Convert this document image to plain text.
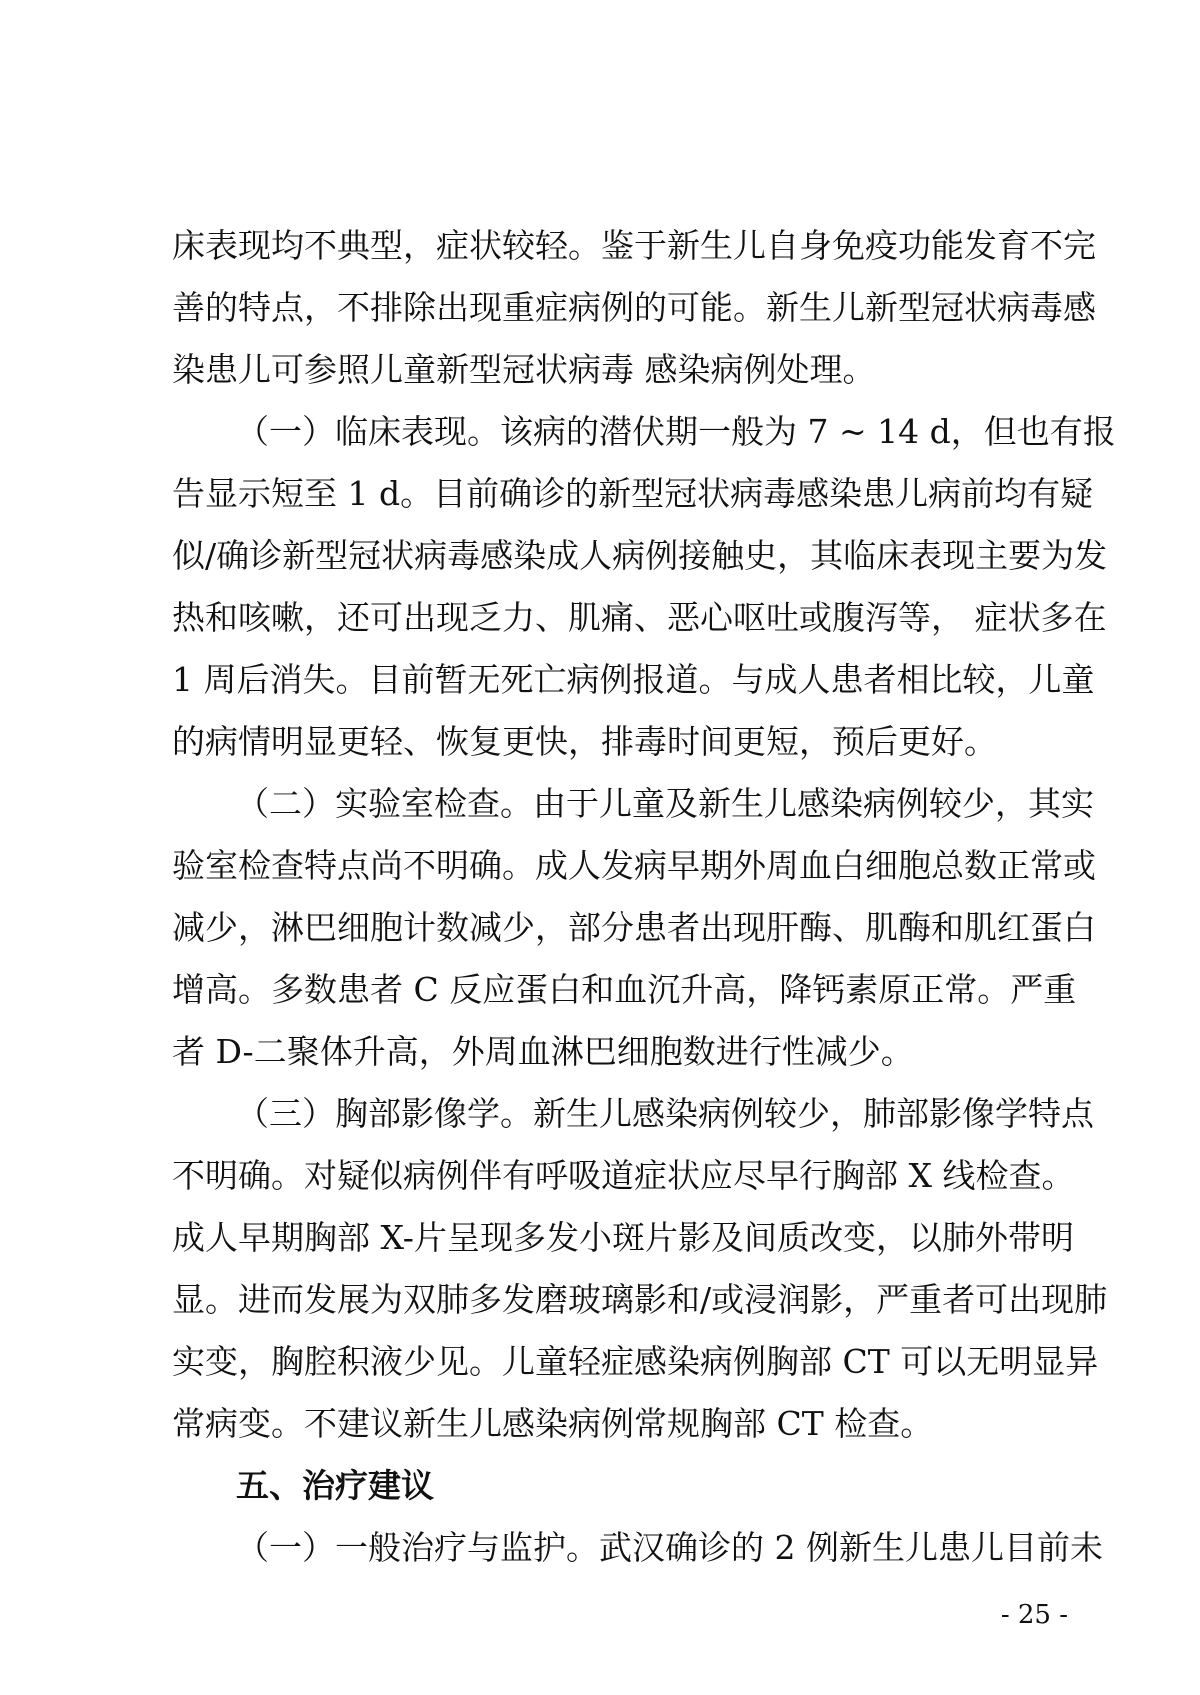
床表现均不典型，症状较轻。鉴于新生儿自身免疫功能发育不完
善的特点，不排除出现重症病例的可能。新生儿新型冠状病毒感
染患儿可参照儿童新型冠状病毒 感染病例处理。
（一）临床表现。该病的潜伏期一般为 7 ~ 14 d，但也有报
告显示短至 1 d。目前确诊的新型冠状病毒感染患儿病前均有疑
似/确诊新型冠状病毒感染成人病例接触史，其临床表现主要为发
热和咳嗽，还可出现乏力、肌痛、恶心呕吐或腹泻等， 症状多在
1 周后消失。目前暂无死亡病例报道。与成人患者相比较，儿童
的病情明显更轻、恢复更快，排毒时间更短，预后更好。
（二）实验室检查。由于儿童及新生儿感染病例较少，其实
验室检查特点尚不明确。成人发病早期外周血白细胞总数正常或
减少，淋巴细胞计数减少，部分患者出现肝酶、肌酶和肌红蛋白
增高。多数患者 C 反应蛋白和血沉升高，降钙素原正常。严重
者 D-二聚体升高，外周血淋巴细胞数进行性减少。
（三）胸部影像学。新生儿感染病例较少，肺部影像学特点
不明确。对疑似病例伴有呼吸道症状应尽早行胸部 X 线检查。
成人早期胸部 X-片呈现多发小斑片影及间质改变，以肺外带明
显。进而发展为双肺多发磨玻璃影和/或浸润影，严重者可出现肺
实变，胸腔积液少见。儿童轻症感染病例胸部 CT 可以无明显异
常病变。不建议新生儿感染病例常规胸部 CT 检查。
五、治疗建议
（一）一般治疗与监护。武汉确诊的 2 例新生儿患儿目前未
- 25 -
